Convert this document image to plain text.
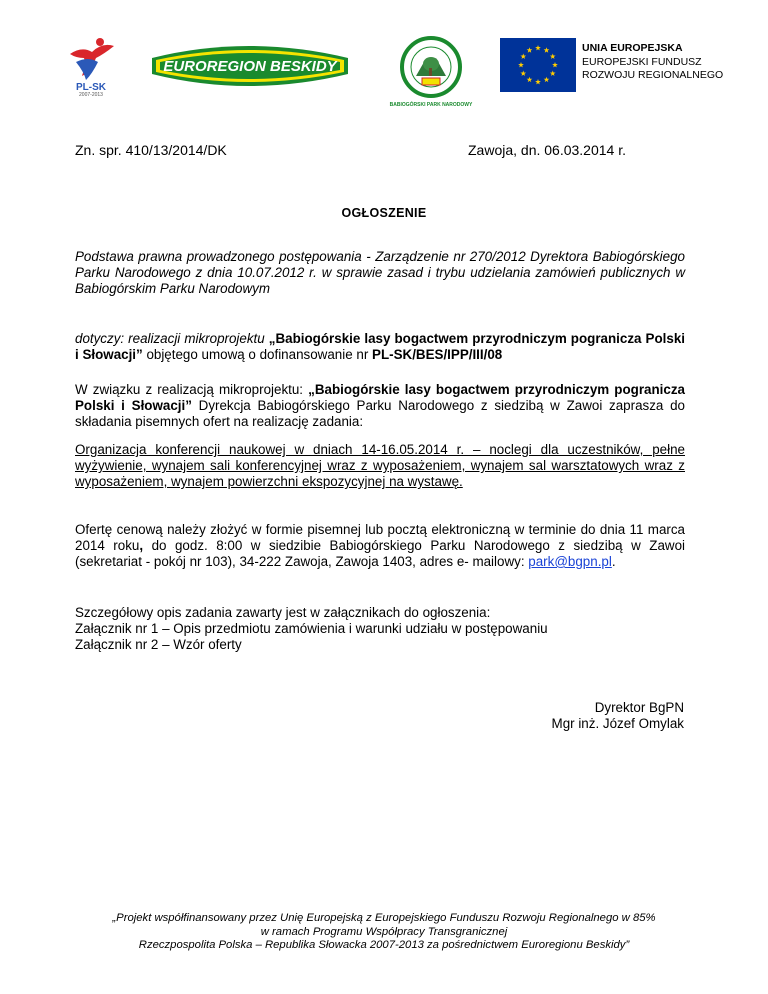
PL-SK
2007-2013
EUROREGION BESKIDY
BABIOGÓRSKI PARK NARODOWY
UNIA EUROPEJSKA
EUROPEJSKI FUNDUSZ
ROZWOJU REGIONALNEGO
Zn. spr. 410/13/2014/DK	Zawoja, dn. 06.03.2014 r.
OGŁOSZENIE
Podstawa prawna prowadzonego postępowania - Zarządzenie nr 270/2012 Dyrektora Babiogórskiego Parku Narodowego z dnia 10.07.2012 r. w sprawie zasad i trybu udzielania zamówień publicznych w Babiogórskim Parku Narodowym
dotyczy: realizacji mikroprojektu „Babiogórskie lasy bogactwem przyrodniczym pogranicza Polski i Słowacji” objętego umową o dofinansowanie nr PL-SK/BES/IPP/III/08
W związku z realizacją mikroprojektu: „Babiogórskie lasy bogactwem przyrodniczym pogranicza Polski i Słowacji” Dyrekcja Babiogórskiego Parku Narodowego z siedzibą w Zawoi zaprasza do składania pisemnych ofert na realizację zadania:
Organizacja konferencji naukowej w dniach 14-16.05.2014 r. – noclegi dla uczestników, pełne wyżywienie, wynajem sali konferencyjnej wraz z wyposażeniem, wynajem sal warsztatowych wraz z wyposażeniem, wynajem powierzchni ekspozycyjnej na wystawę.
Ofertę cenową należy złożyć w formie pisemnej lub pocztą elektroniczną w terminie do dnia 11 marca 2014 roku, do godz. 8:00 w siedzibie Babiogórskiego Parku Narodowego z siedzibą w Zawoi (sekretariat - pokój nr 103), 34-222 Zawoja, Zawoja 1403, adres e- mailowy: park@bgpn.pl.
Szczegółowy opis zadania zawarty jest w załącznikach do ogłoszenia:
Załącznik nr 1 – Opis przedmiotu zamówienia i warunki udziału w postępowaniu
Załącznik nr 2 – Wzór oferty
Dyrektor BgPN
Mgr inż. Józef Omylak
„Projekt współfinansowany przez Unię Europejską z Europejskiego Funduszu Rozwoju Regionalnego w 85%
w ramach Programu Współpracy Transgranicznej
Rzeczpospolita Polska – Republika Słowacka 2007-2013 za pośrednictwem Euroregionu Beskidy”
